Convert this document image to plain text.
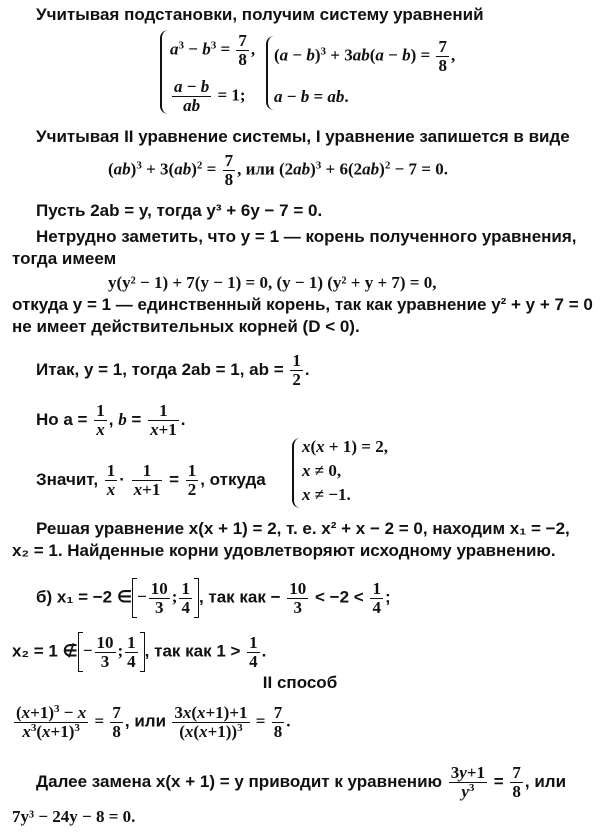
Учитывая подстановки, получим систему уравнений
$a^3 - b^3 = \frac{7}{8}$ ,
$\frac{a - b}{ab} = 1$;
$(a - b)^3 + 3ab(a - b) = \frac{7}{8}$ ,
a − b = ab.
Учитывая II уравнение системы, I уравнение запишется в виде
$(ab)^3 + 3(ab)^2 = \frac{7}{8}$ , или $(2ab)^3 + 6(2ab)^2 - 7 = 0$.
Пусть 2ab = y, тогда y³ + 6y − 7 = 0.
Нетрудно заметить, что y = 1 — корень полученного уравнения,
тогда имеем
y(y² − 1) + 7(y − 1) = 0, (y − 1) (y² + y + 7) = 0,
откуда y = 1 — единственный корень, так как уравнение y² + y + 7 = 0
не имеет действительных корней (D < 0).
Итак, y = 1, тогда 2ab = 1, ab = $\frac{1}{2}$ .
Но $a = \frac{1}{x}$ , $b = \frac{1}{x+1}$ .
Значит, $\frac{1}{x} \cdot \frac{1}{x+1} = \frac{1}{2}$ , откуда
x(x + 1) = 2,
x ≠ 0,
x ≠ −1.
Решая уравнение x(x + 1) = 2, т. е. x² + x − 2 = 0, находим x₁ = −2,
x₂ = 1. Найденные корни удовлетворяют исходному уравнению.
б) x₁ = −2 ∈ − $\frac{10}{3}$ ; $\frac{1}{4}$ , так как − $\frac{10}{3} < -2 < \frac{1}{4}$ ;
x₂ = 1 ∉ − $\frac{10}{3}$ ; $\frac{1}{4}$ , так как $1 > \frac{1}{4}$ .
II способ
$\frac{(x+1)^3 - x}{x^3(x+1)^3} = \frac{7}{8}$ , или $\frac{3x(x+1)+1}{(x(x+1))^3} = \frac{7}{8}$ .
Далее замена x(x + 1) = y приводит к уравнению $\frac{3y+1}{y^3} = \frac{7}{8}$ , или
7y³ − 24y − 8 = 0.
